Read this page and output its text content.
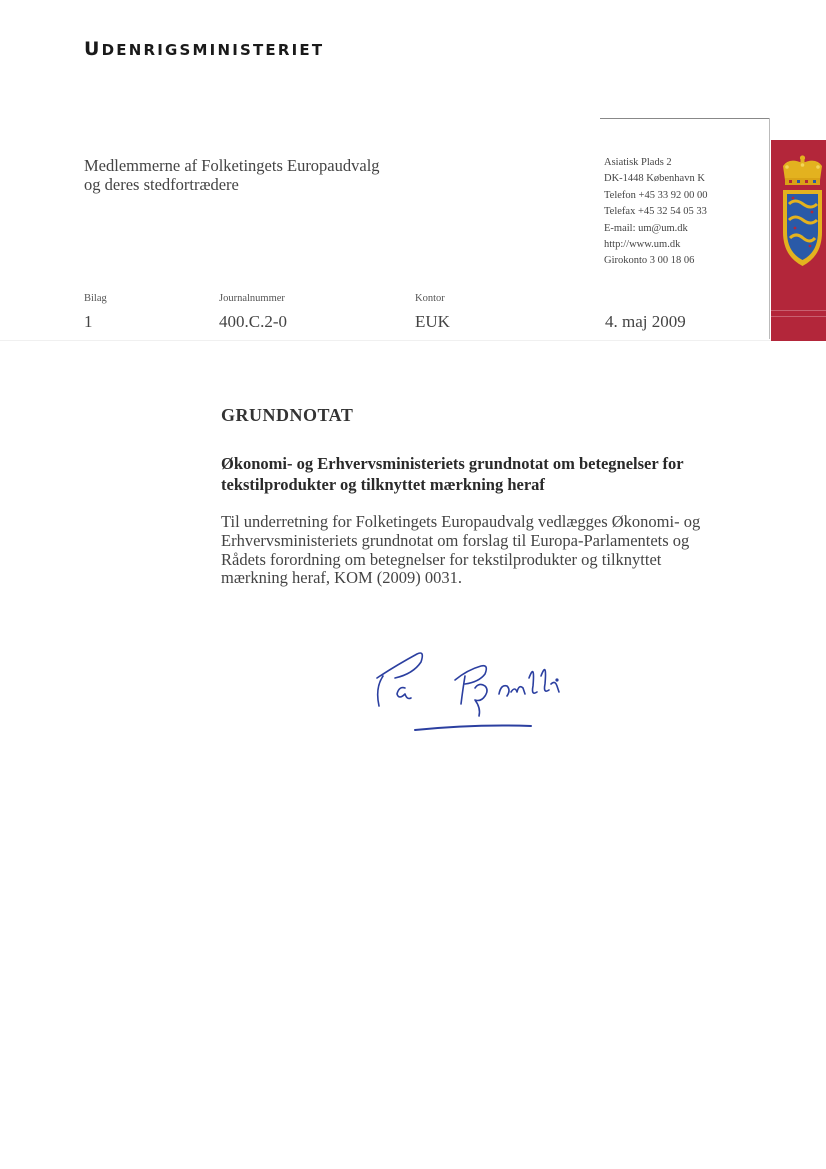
UDENRIGSMINISTERIET
Medlemmerne af Folketingets Europaudvalg
og deres stedfortrædere
Asiatisk Plads 2
DK-1448 København K
Telefon +45 33 92 00 00
Telefax +45 32 54 05 33
E-mail: um@um.dk
http://www.um.dk
Girokonto 3 00 18 06
Bilag
1
Journalnummer
400.C.2-0
Kontor
EUK	4. maj 2009
GRUNDNOTAT
Økonomi- og Erhvervsministeriets grundnotat om betegnelser for tekstilprodukter og tilknyttet mærkning heraf
Til underretning for Folketingets Europaudvalg vedlægges Økonomi- og
Erhvervsministeriets grundnotat om forslag til Europa-Parlamentets og
Rådets forordning om betegnelser for tekstilprodukter og tilknyttet
mærkning heraf, KOM (2009) 0031.
